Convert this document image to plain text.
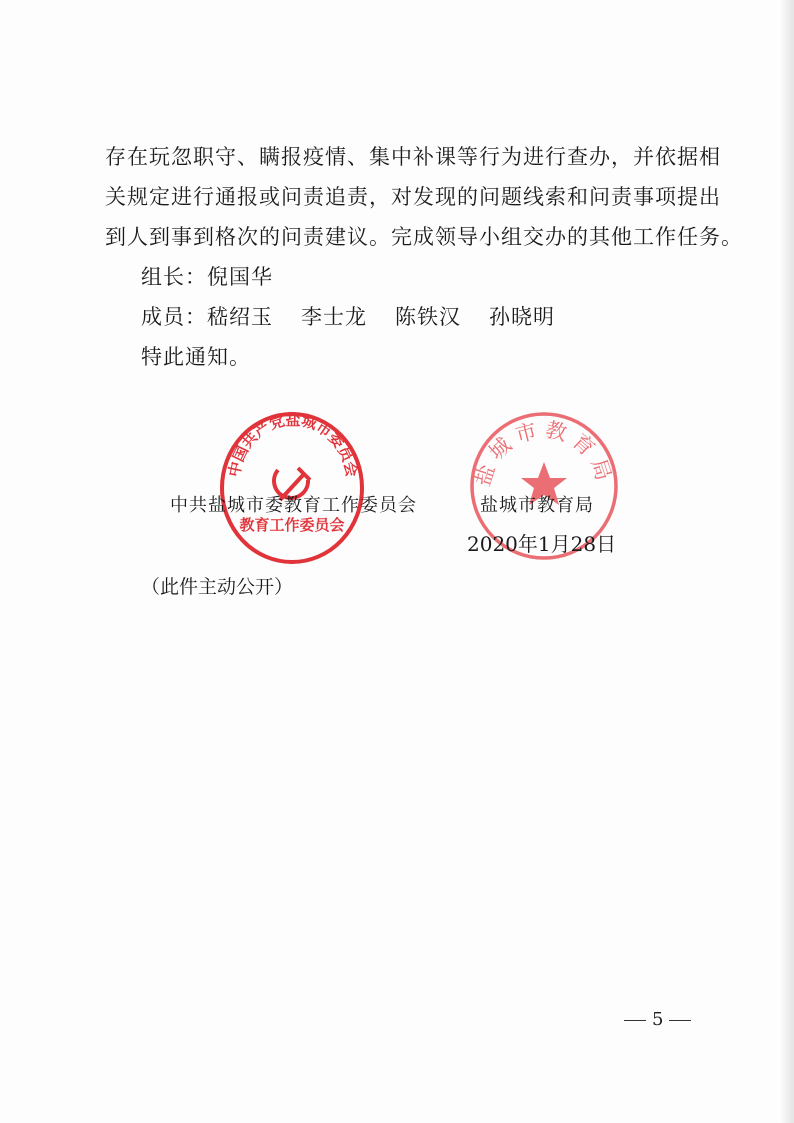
存在玩忽职守、瞒报疫情、集中补课等行为进行查办，并依据相
关规定进行通报或问责追责，对发现的问题线索和问责事项提出
到人到事到格次的问责建议。完成领导小组交办的其他工作任务。
组长：倪国华
成员：嵇绍玉 李士龙 陈铁汉 孙晓明
特此通知。
中国共产党盐城市委员会
教育工作委员会
盐城市教育局
中共盐城市委教育工作委员会	盐城市教育局
2020年1月28日
（此件主动公开）
5
